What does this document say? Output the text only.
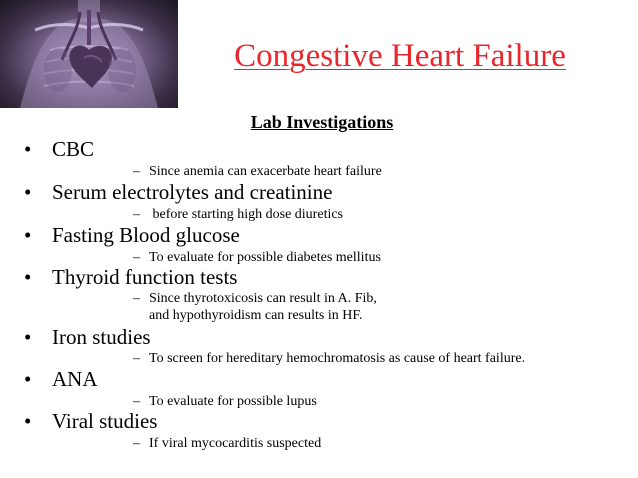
Congestive Heart Failure
Lab Investigations
• CBC
– Since anemia can exacerbate heart failure
• Serum electrolytes and creatinine
– before starting high dose diuretics
• Fasting Blood glucose
– To evaluate for possible diabetes mellitus
• Thyroid function tests
– Since thyrotoxicosis can result in A. Fib,
and hypothyroidism can results in HF.
• Iron studies
– To screen for hereditary hemochromatosis as cause of heart failure.
• ANA
– To evaluate for possible lupus
• Viral studies
– If viral mycocarditis suspected
